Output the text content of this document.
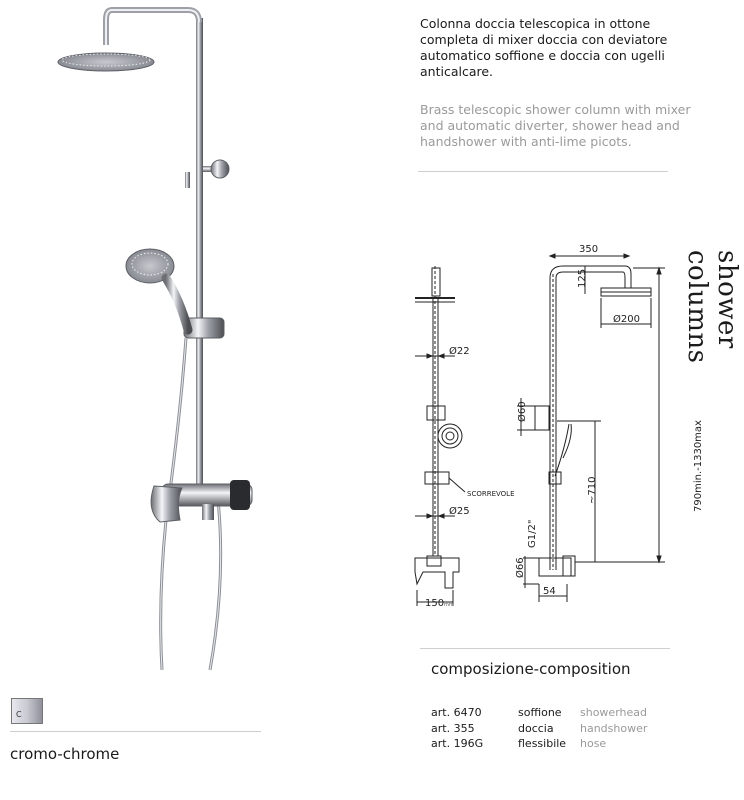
Colonna doccia telescopica in ottone completa di mixer doccia con deviatore automatico soffione e doccia con ugelli anticalcare.
Brass telescopic shower column with mixer and automatic diverter, shower head and handshower with anti-lime picots.
shower columns
350
125
Ø200
Ø22
Ø60
790min.-1330max
~710
SCORREVOLE
Ø25
G1/2"
Ø66
54
150 mm
composizione-composition
art. 6470	soffione	showerhead
art. 355	doccia	handshower
art. 196G	flessibile	hose
C
cromo-chrome
